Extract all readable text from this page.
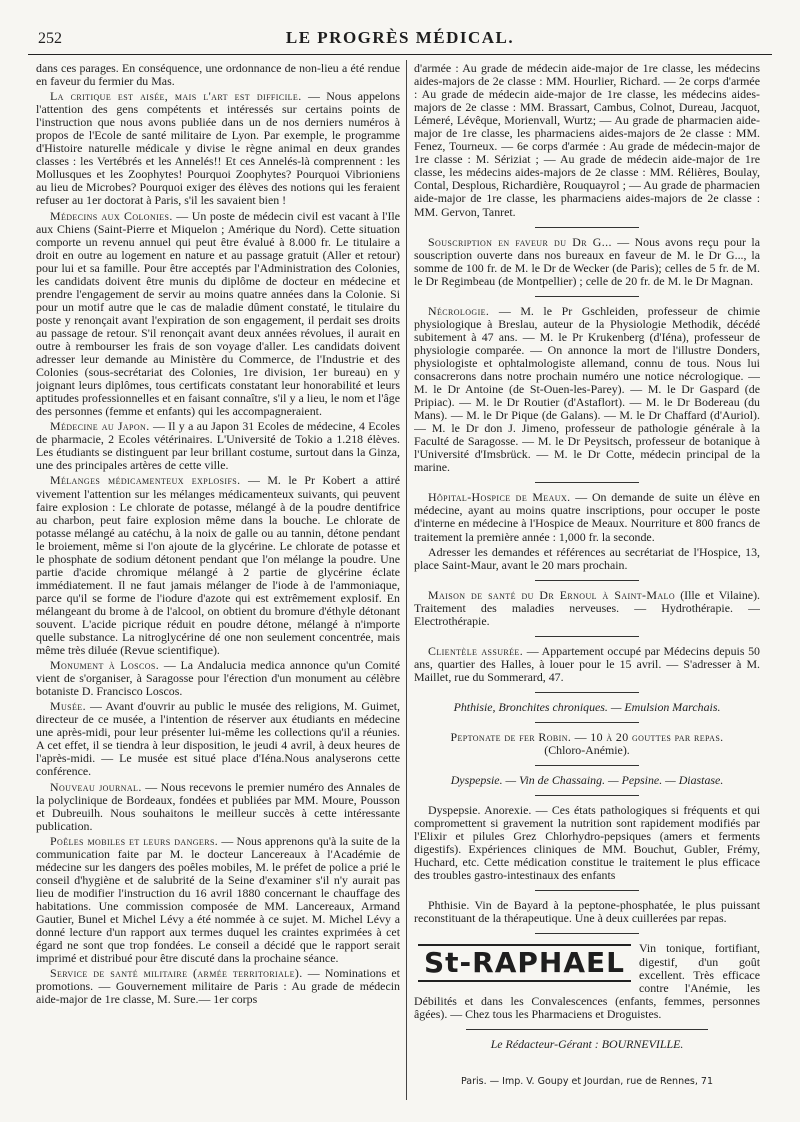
252	LE PROGRÈS MÉDICAL.

dans ces parages. En conséquence, une ordonnance de non-lieu a été rendue en faveur du fermier du Mas.

La critique est aisée, mais l'art est difficile. — Nous appelons l'attention des gens compétents et intéressés sur certains points de l'instruction que nous avons publiée dans un de nos derniers numéros à propos de l'Ecole de santé militaire de Lyon. Par exemple, le programme d'Histoire naturelle médicale y divise le règne animal en deux grandes classes : les Vertébrés et les Annelés!! Et ces Annelés-là comprennent : les Mollusques et les Zoophytes! Pourquoi Zoophytes? Pourquoi Vibrioniens au lieu de Microbes? Pourquoi exiger des élèves des notions qui les feraient refuser au 1er doctorat à Paris, s'il les savaient bien !

Médecins aux Colonies. — Un poste de médecin civil est vacant à l'Ile aux Chiens (Saint-Pierre et Miquelon ; Amérique du Nord). Cette situation comporte un revenu annuel qui peut être évalué à 8.000 fr. Le titulaire a droit en outre au logement en nature et au passage gratuit (Aller et retour) pour lui et sa famille. Pour être acceptés par l'Administration des Colonies, les candidats doivent être munis du diplôme de docteur en médecine et prendre l'engagement de servir au moins quatre années dans la Colonie. Si pour un motif autre que le cas de maladie dûment constaté, le titulaire du poste y renonçait avant l'expiration de son engagement, il perdait ses droits au passage de retour. S'il renonçait avant deux années révolues, il aurait en outre à rembourser les frais de son voyage d'aller. Les candidats doivent adresser leur demande au Ministère du Commerce, de l'Industrie et des Colonies (sous-secrétariat des Colonies, 1re division, 1er bureau) en y joignant leurs diplômes, tous certificats constatant leur honorabilité et leurs aptitudes professionnelles et en faisant connaître, s'il y a lieu, le nom et l'âge des personnes (femme et enfants) qui les accompagneraient.

Médecine au Japon. — Il y a au Japon 31 Ecoles de médecine, 4 Ecoles de pharmacie, 2 Ecoles vétérinaires. L'Université de Tokio a 1.218 élèves. Les étudiants se distinguent par leur brillant costume, surtout dans la Ginza, une des principales artères de cette ville.

Mélanges médicamenteux explosifs. — M. le Pr Kobert a attiré vivement l'attention sur les mélanges médicamenteux suivants, qui peuvent faire explosion : Le chlorate de potasse, mélangé à de la poudre dentifrice au charbon, peut faire explosion même dans la bouche. Le chlorate de potasse mélangé au catéchu, à la noix de galle ou au tannin, détone pendant le broiement, même si l'on ajoute de la glycérine. Le chlorate de potasse et le phosphate de sodium détonent pendant que l'on mélange la poudre. Une partie d'acide chromique mélangé à 2 partie de glycérine éclate immédiatement. Il ne faut jamais mélanger de l'iode à de l'ammoniaque, parce qu'il se forme de l'iodure d'azote qui est extrêmement explosif. En mélangeant du brome à de l'alcool, on obtient du bromure d'éthyle détonant souvent. L'acide picrique réduit en poudre détone, mélangé à n'importe quelle substance. La nitroglycérine dé one non seulement concentrée, mais même très diluée (Revue scientifique).

Monument à Loscos. — La Andalucia medica annonce qu'un Comité vient de s'organiser, à Saragosse pour l'érection d'un monument au célèbre botaniste D. Francisco Loscos.

Musée. — Avant d'ouvrir au public le musée des religions, M. Guimet, directeur de ce musée, a l'intention de réserver aux étudiants en médecine une après-midi, pour leur présenter lui-même les collections qu'il a réunies. A cet effet, il se tiendra à leur disposition, le jeudi 4 avril, à deux heures de l'après-midi. — Le musée est situé place d'Iéna.Nous analyserons cette conférence.

Nouveau journal. — Nous recevons le premier numéro des Annales de la polyclinique de Bordeaux, fondées et publiées par MM. Moure, Pousson et Dubreuilh. Nous souhaitons le meilleur succès à cette intéressante publication.

Poêles mobiles et leurs dangers. — Nous apprenons qu'à la suite de la communication faite par M. le docteur Lancereaux à l'Académie de médecine sur les dangers des poêles mobiles, M. le préfet de police a prié le conseil d'hygiène et de salubrité de la Seine d'examiner s'il n'y aurait pas lieu de modifier l'instruction du 16 avril 1880 concernant le chauffage des habitations. Une commission composée de MM. Lancereaux, Armand Gautier, Bunel et Michel Lévy a été nommée à ce sujet. M. Michel Lévy a donné lecture d'un rapport aux termes duquel les craintes exprimées à cet égard ne sont que trop fondées. Le conseil a décidé que le rapport serait imprimé et distribué pour être discuté dans la prochaine séance.

Service de santé militaire (armée territoriale). — Nominations et promotions. — Gouvernement militaire de Paris : Au grade de médecin aide-major de 1re classe, M. Sure.— 1er corps

d'armée : Au grade de médecin aide-major de 1re classe, les médecins aides-majors de 2e classe : MM. Hourlier, Richard. — 2e corps d'armée : Au grade de médecin aide-major de 1re classe, les médecins aides-majors de 2e classe : MM. Brassart, Cambus, Colnot, Dureau, Jacquot, Lémeré, Lévêque, Morienvall, Wurtz; — Au grade de pharmacien aide-major de 1re classe, les pharmaciens aides-majors de 2e classe : MM. Fenez, Tourneux. — 6e corps d'armée : Au grade de médecin-major de 1re classe : M. Sériziat ; — Au grade de médecin aide-major de 1re classe, les médecins aides-majors de 2e classe : MM. Rélières, Boulay, Contal, Desplous, Richardière, Rouquayrol ; — Au grade de pharmacien aide-major de 1re classe, les pharmaciens aides-majors de 2e classe : MM. Gervon, Tanret.

Souscription en faveur du Dr G... — Nous avons reçu pour la souscription ouverte dans nos bureaux en faveur de M. le Dr G..., la somme de 100 fr. de M. le Dr de Wecker (de Paris); celles de 5 fr. de M. le Dr Regimbeau (de Montpellier) ; celle de 20 fr. de M. le Dr Magnan.

Nécrologie. — M. le Pr Gschleiden, professeur de chimie physiologique à Breslau, auteur de la Physiologie Methodik, décédé subitement à 47 ans. — M. le Pr Krukenberg (d'Iéna), professeur de physiologie comparée. — On annonce la mort de l'illustre Donders, physiologiste et ophtalmologiste allemand, connu de tous. Nous lui consacrerons dans notre prochain numéro une notice nécrologique. — M. le Dr Antoine (de St-Ouen-les-Parey). — M. le Dr Gaspard (de Pripiac). — M. le Dr Routier (d'Astaflort). — M. le Dr Bodereau (du Mans). — M. le Dr Pique (de Galans). — M. le Dr Chaffard (d'Auriol). — M. le Dr don J. Jimeno, professeur de pathologie générale à la Faculté de Saragosse. — M. le Dr Peysitsch, professeur de botanique à l'Université d'Imsbrück. — M. le Dr Cotte, médecin principal de la marine.

Hôpital-Hospice de Meaux. — On demande de suite un élève en médecine, ayant au moins quatre inscriptions, pour occuper le poste d'interne en médecine à l'Hospice de Meaux. Nourriture et 800 francs de traitement la première année : 1,000 fr. la seconde.

Adresser les demandes et références au secrétariat de l'Hospice, 13, place Saint-Maur, avant le 20 mars prochain.

Maison de santé du Dr Ernoul à Saint-Malo (Ille et Vilaine). Traitement des maladies nerveuses. — Hydrothérapie. — Electrothérapie.

Clientèle assurée. — Appartement occupé par Médecins depuis 50 ans, quartier des Halles, à louer pour le 15 avril. — S'adresser à M. Maillet, rue du Sommerard, 47.

Phthisie, Bronchites chroniques. — Emulsion Marchais.

Peptonate de fer Robin. — 10 à 20 gouttes par repas.

(Chloro-Anémie).

Dyspepsie. — Vin de Chassaing. — Pepsine. — Diastase.

Dyspepsie. Anorexie. — Ces états pathologiques si fréquents et qui compromettent si gravement la nutrition sont rapidement modifiés par l'Elixir et pilules Grez Chlorhydro-pepsiques (amers et ferments digestifs). Expériences cliniques de MM. Bouchut, Gubler, Frémy, Huchard, etc. Cette médication constitue le traitement le plus efficace des troubles gastro-intestinaux des enfants

Phthisie. Vin de Bayard à la peptone-phosphatée, le plus puissant reconstituant de la thérapeutique. Une à deux cuillerées par repas.

St-RAPHAEL	Vin tonique, fortifiant, digestif, d'un goût excellent. Très efficace contre l'Anémie, les Débilités et dans les Convalescences (enfants, femmes, personnes âgées). — Chez tous les Pharmaciens et Droguistes.

Le Rédacteur-Gérant : BOURNEVILLE.

Paris. — Imp. V. Goupy et Jourdan, rue de Rennes, 71
